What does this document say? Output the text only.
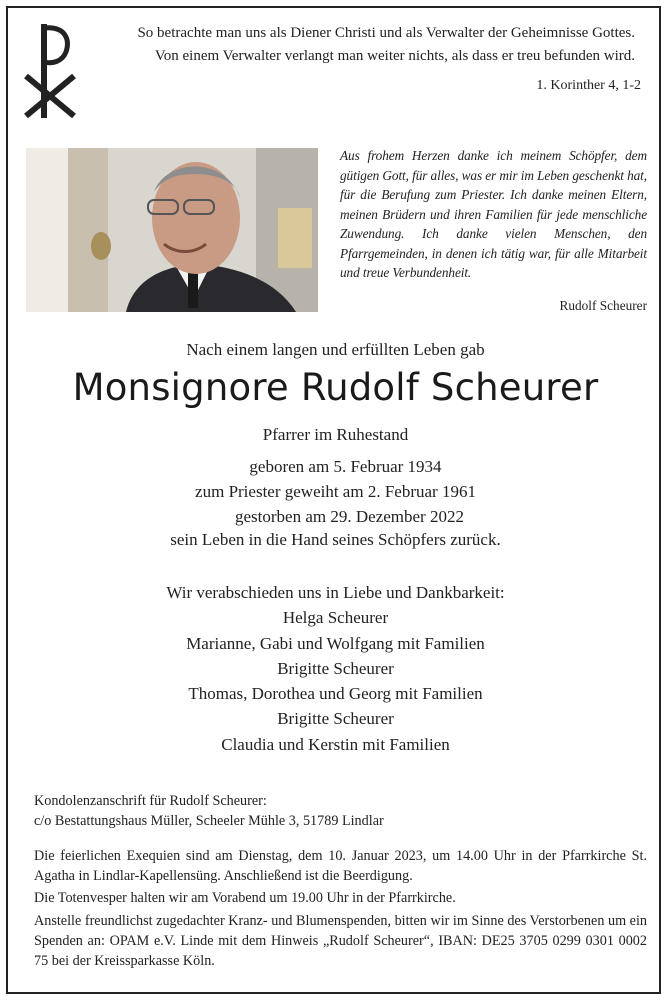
So betrachte man uns als Diener Christi und als Verwalter der Geheimnisse Gottes.
Von einem Verwalter verlangt man weiter nichts, als dass er treu befunden wird.
1. Korinther 4, 1-2
Aus frohem Herzen danke ich meinem Schöpfer, dem gütigen Gott, für alles, was er mir im Leben geschenkt hat, für die Berufung zum Priester. Ich danke meinen Eltern, meinen Brüdern und ihren Familien für jede menschliche Zuwendung. Ich danke vielen Menschen, den Pfarrgemeinden, in denen ich tätig war, für alle Mitarbeit und treue Verbundenheit.
Rudolf Scheurer
Nach einem langen und erfüllten Leben gab
Monsignore Rudolf Scheurer
Pfarrer im Ruhestand
geboren am 5. Februar 1934
zum Priester geweiht am 2. Februar 1961
gestorben am 29. Dezember 2022
sein Leben in die Hand seines Schöpfers zurück.
Wir verabschieden uns in Liebe und Dankbarkeit:
Helga Scheurer
Marianne, Gabi und Wolfgang mit Familien
Brigitte Scheurer
Thomas, Dorothea und Georg mit Familien
Brigitte Scheurer
Claudia und Kerstin mit Familien
Kondolenzanschrift für Rudolf Scheurer:
c/o Bestattungshaus Müller, Scheeler Mühle 3, 51789 Lindlar

Die feierlichen Exequien sind am Dienstag, dem 10. Januar 2023, um 14.00 Uhr in der Pfarrkirche St. Agatha in Lindlar-Kapellensüng. Anschließend ist die Beerdigung.

Die Totenvesper halten wir am Vorabend um 19.00 Uhr in der Pfarrkirche.

Anstelle freundlichst zugedachter Kranz- und Blumenspenden, bitten wir im Sinne des Verstorbenen um ein Spenden an: OPAM e.V. Linde mit dem Hinweis „Rudolf Scheurer“, IBAN: DE25 3705 0299 0301 0002 75 bei der Kreissparkasse Köln.
